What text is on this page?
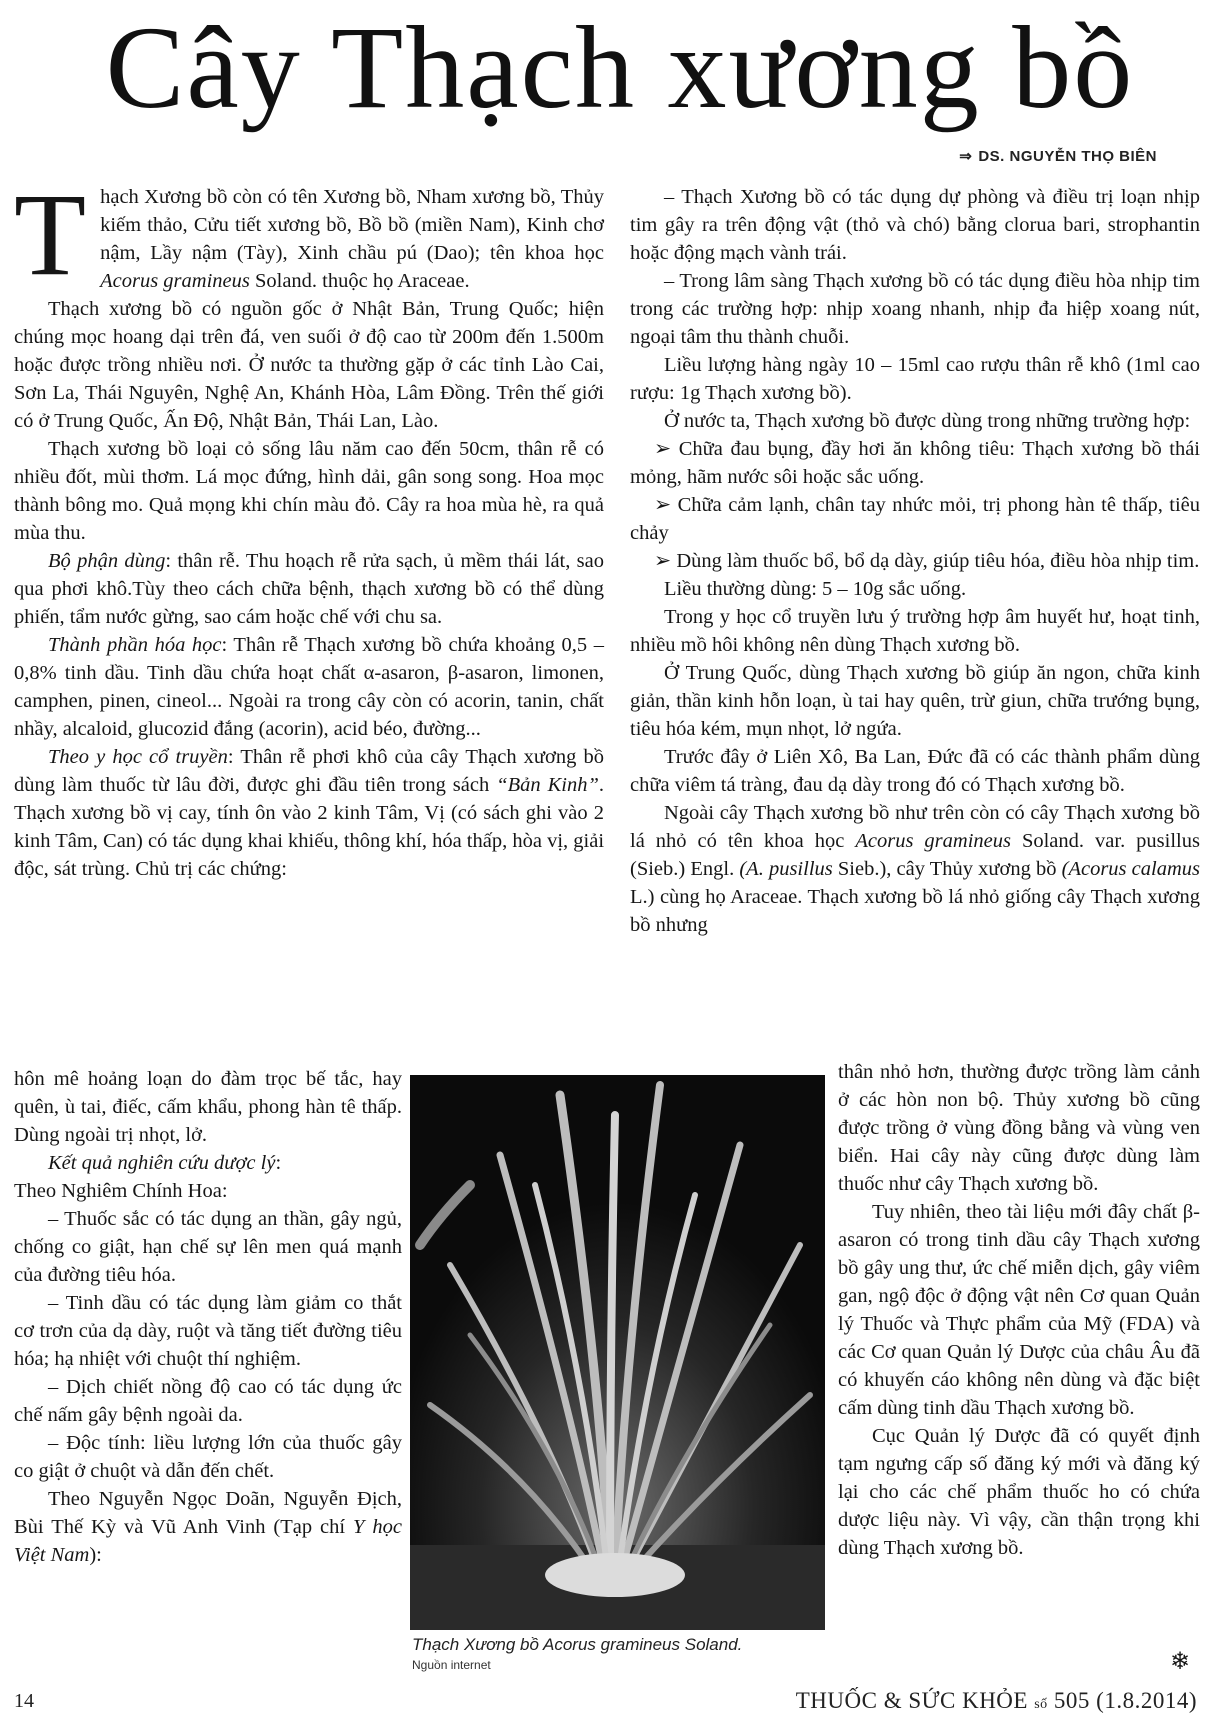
Cây Thạch xương bồ
⇒ DS. NGUYỄN THỌ BIÊN

Thạch Xương bồ còn có tên Xương bồ, Nham xương bồ, Thủy kiếm thảo, Cửu tiết xương bồ, Bồ bồ (miền Nam), Kinh chơ nậm, Lầy nậm (Tày), Xinh chầu pú (Dao); tên khoa học Acorus gramineus Soland. thuộc họ Araceae.

Thạch xương bồ có nguồn gốc ở Nhật Bản, Trung Quốc; hiện chúng mọc hoang dại trên đá, ven suối ở độ cao từ 200m đến 1.500m hoặc được trồng nhiều nơi. Ở nước ta thường gặp ở các tỉnh Lào Cai, Sơn La, Thái Nguyên, Nghệ An, Khánh Hòa, Lâm Đồng. Trên thế giới có ở Trung Quốc, Ấn Độ, Nhật Bản, Thái Lan, Lào.

Thạch xương bồ loại cỏ sống lâu năm cao đến 50cm, thân rễ có nhiều đốt, mùi thơm. Lá mọc đứng, hình dải, gân song song. Hoa mọc thành bông mo. Quả mọng khi chín màu đỏ. Cây ra hoa mùa hè, ra quả mùa thu.

Bộ phận dùng: thân rễ. Thu hoạch rễ rửa sạch, ủ mềm thái lát, sao qua phơi khô.Tùy theo cách chữa bệnh, thạch xương bồ có thể dùng phiến, tẩm nước gừng, sao cám hoặc chế với chu sa.

Thành phần hóa học: Thân rễ Thạch xương bồ chứa khoảng 0,5 – 0,8% tinh dầu. Tinh dầu chứa hoạt chất α-asaron, β-asaron, limonen, camphen, pinen, cineol... Ngoài ra trong cây còn có acorin, tanin, chất nhầy, alcaloid, glucozid đắng (acorin), acid béo, đường...

Theo y học cổ truyền: Thân rễ phơi khô của cây Thạch xương bồ dùng làm thuốc từ lâu đời, được ghi đầu tiên trong sách “Bản Kinh”. Thạch xương bồ vị cay, tính ôn vào 2 kinh Tâm, Vị (có sách ghi vào 2 kinh Tâm, Can) có tác dụng khai khiếu, thông khí, hóa thấp, hòa vị, giải độc, sát trùng. Chủ trị các chứng:

hôn mê hoảng loạn do đàm trọc bế tắc, hay quên, ù tai, điếc, cấm khẩu, phong hàn tê thấp. Dùng ngoài trị nhọt, lở.

Kết quả nghiên cứu dược lý:

Theo Nghiêm Chính Hoa:

– Thuốc sắc có tác dụng an thần, gây ngủ, chống co giật, hạn chế sự lên men quá mạnh của đường tiêu hóa.

– Tinh dầu có tác dụng làm giảm co thắt cơ trơn của dạ dày, ruột và tăng tiết đường tiêu hóa; hạ nhiệt với chuột thí nghiệm.

– Dịch chiết nồng độ cao có tác dụng ức chế nấm gây bệnh ngoài da.

– Độc tính: liều lượng lớn của thuốc gây co giật ở chuột và dẫn đến chết.

Theo Nguyễn Ngọc Doãn, Nguyễn Địch, Bùi Thế Kỳ và Vũ Anh Vinh (Tạp chí Y học Việt Nam):

– Thạch Xương bồ có tác dụng dự phòng và điều trị loạn nhịp tim gây ra trên động vật (thỏ và chó) bằng clorua bari, strophantin hoặc động mạch vành trái.

– Trong lâm sàng Thạch xương bồ có tác dụng điều hòa nhịp tim trong các trường hợp: nhịp xoang nhanh, nhịp đa hiệp xoang nút, ngoại tâm thu thành chuỗi.

Liều lượng hàng ngày 10 – 15ml cao rượu thân rễ khô (1ml cao rượu: 1g Thạch xương bồ).

Ở nước ta, Thạch xương bồ được dùng trong những trường hợp:

➢ Chữa đau bụng, đầy hơi ăn không tiêu: Thạch xương bồ thái mỏng, hãm nước sôi hoặc sắc uống.

➢ Chữa cảm lạnh, chân tay nhức mỏi, trị phong hàn tê thấp, tiêu chảy

➢ Dùng làm thuốc bổ, bổ dạ dày, giúp tiêu hóa, điều hòa nhịp tim.

Liều thường dùng: 5 – 10g sắc uống.

Trong y học cổ truyền lưu ý trường hợp âm huyết hư, hoạt tinh, nhiều mồ hôi không nên dùng Thạch xương bồ.

Ở Trung Quốc, dùng Thạch xương bồ giúp ăn ngon, chữa kinh giản, thần kinh hỗn loạn, ù tai hay quên, trừ giun, chữa trướng bụng, tiêu hóa kém, mụn nhọt, lở ngứa.

Trước đây ở Liên Xô, Ba Lan, Đức đã có các thành phẩm dùng chữa viêm tá tràng, đau dạ dày trong đó có Thạch xương bồ.

Ngoài cây Thạch xương bồ như trên còn có cây Thạch xương bồ lá nhỏ có tên khoa học Acorus gramineus Soland. var. pusillus (Sieb.) Engl. (A. pusillus Sieb.), cây Thủy xương bồ (Acorus calamus L.) cùng họ Araceae. Thạch xương bồ lá nhỏ giống cây Thạch xương bồ nhưng

thân nhỏ hơn, thường được trồng làm cảnh ở các hòn non bộ. Thủy xương bồ cũng được trồng ở vùng đồng bằng và vùng ven biển. Hai cây này cũng được dùng làm thuốc như cây Thạch xương bồ.

Tuy nhiên, theo tài liệu mới đây chất β-asaron có trong tinh dầu cây Thạch xương bồ gây ung thư, ức chế miễn dịch, gây viêm gan, ngộ độc ở động vật nên Cơ quan Quản lý Thuốc và Thực phẩm của Mỹ (FDA) và các Cơ quan Quản lý Dược của châu Âu đã có khuyến cáo không nên dùng và đặc biệt cấm dùng tinh dầu Thạch xương bồ.

Cục Quản lý Dược đã có quyết định tạm ngưng cấp số đăng ký mới và đăng ký lại cho các chế phẩm thuốc ho có chứa dược liệu này. Vì vậy, cần thận trọng khi dùng Thạch xương bồ.

Thạch Xương bồ Acorus gramineus Soland.
Nguồn internet	❄
14	THUỐC & SỨC KHỎE số 505 (1.8.2014)
